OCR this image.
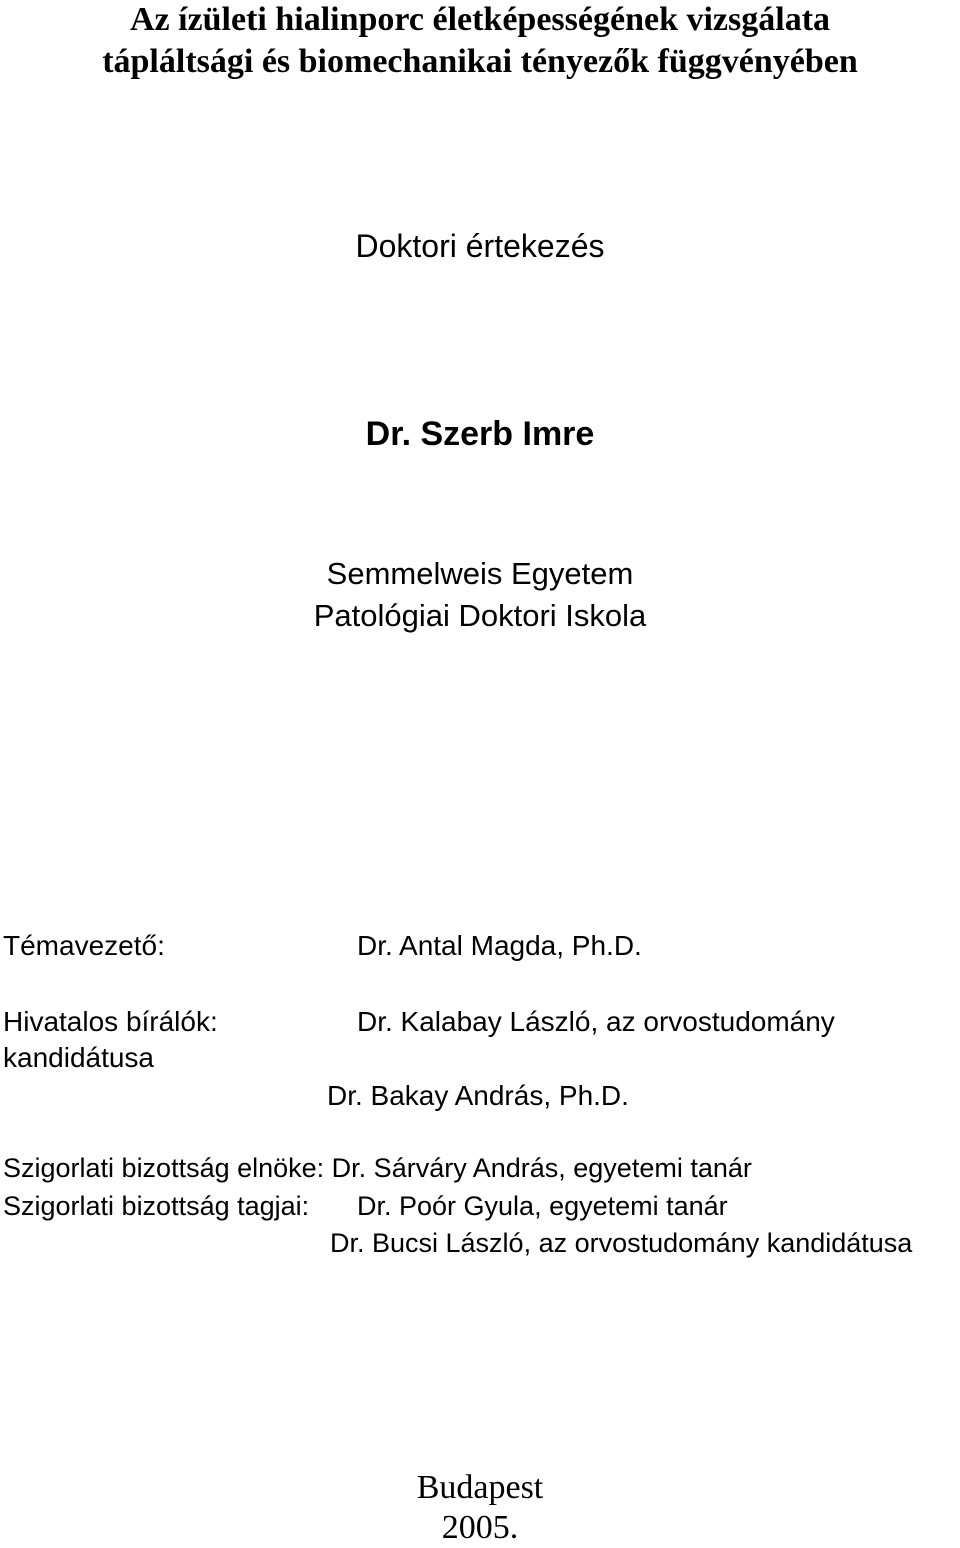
Az ízületi hialinporc életképességének vizsgálata
tápláltsági és biomechanikai tényezők függvényében
Doktori értekezés
Dr. Szerb Imre
Semmelweis Egyetem
Patológiai Doktori Iskola
Témavezető:	Dr. Antal Magda, Ph.D.
Hivatalos bírálók:	Dr. Kalabay László, az orvostudomány
kandidátusa
Dr. Bakay András, Ph.D.
Szigorlati bizottság elnöke: Dr. Sárváry András, egyetemi tanár
Szigorlati bizottság tagjai: Dr. Poór Gyula, egyetemi tanár
Dr. Bucsi László, az orvostudomány kandidátusa
Budapest
2005.
